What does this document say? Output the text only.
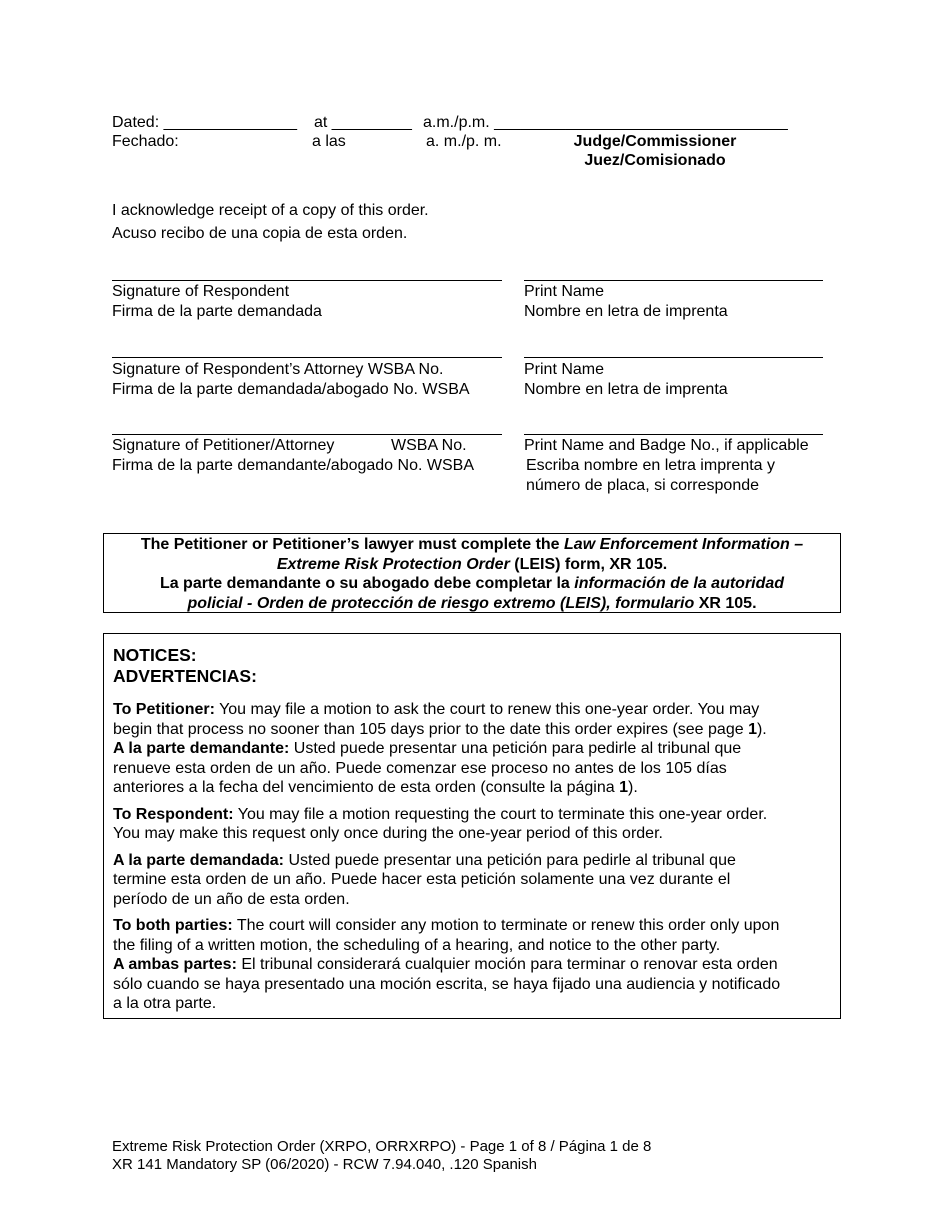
Dated: _______________
Fechado:
at _________
a las
a.m./p.m. _________________________________
a. m./p. m.	Judge/Commissioner
Juez/Comisionado
I acknowledge receipt of a copy of this order.
Acuso recibo de una copia de esta orden.
Signature of Respondent
Firma de la parte demandada
Print Name
Nombre en letra de imprenta
Signature of Respondent’s Attorney WSBA No.
Firma de la parte demandada/abogado No. WSBA
Print Name
Nombre en letra de imprenta
Signature of Petitioner/Attorney	WSBA No.
Firma de la parte demandante/abogado No. WSBA
Print Name and Badge No., if applicable
Escriba nombre en letra imprenta y
número de placa, si corresponde

The Petitioner or Petitioner’s lawyer must complete the Law Enforcement Information –

Extreme Risk Protection Order (LEIS) form, XR 105.

La parte demandante o su abogado debe completar la información de la autoridad

policial - Orden de protección de riesgo extremo (LEIS), formulario XR 105.

NOTICES:
ADVERTENCIAS:

To Petitioner: You may file a motion to ask the court to renew this one-year order. You may

begin that process no sooner than 105 days prior to the date this order expires (see page 1).

A la parte demandante: Usted puede presentar una petición para pedirle al tribunal que

renueve esta orden de un año. Puede comenzar ese proceso no antes de los 105 días

anteriores a la fecha del vencimiento de esta orden (consulte la página 1).

To Respondent: You may file a motion requesting the court to terminate this one-year order.

You may make this request only once during the one-year period of this order.

A la parte demandada: Usted puede presentar una petición para pedirle al tribunal que

termine esta orden de un año. Puede hacer esta petición solamente una vez durante el

período de un año de esta orden.

To both parties: The court will consider any motion to terminate or renew this order only upon

the filing of a written motion, the scheduling of a hearing, and notice to the other party.

A ambas partes: El tribunal considerará cualquier moción para terminar o renovar esta orden

sólo cuando se haya presentado una moción escrita, se haya fijado una audiencia y notificado

a la otra parte.

Extreme Risk Protection Order (XRPO, ORRXRPO) - Page 1 of 8 / Página 1 de 8
XR 141 Mandatory SP (06/2020) - RCW 7.94.040, .120 Spanish
